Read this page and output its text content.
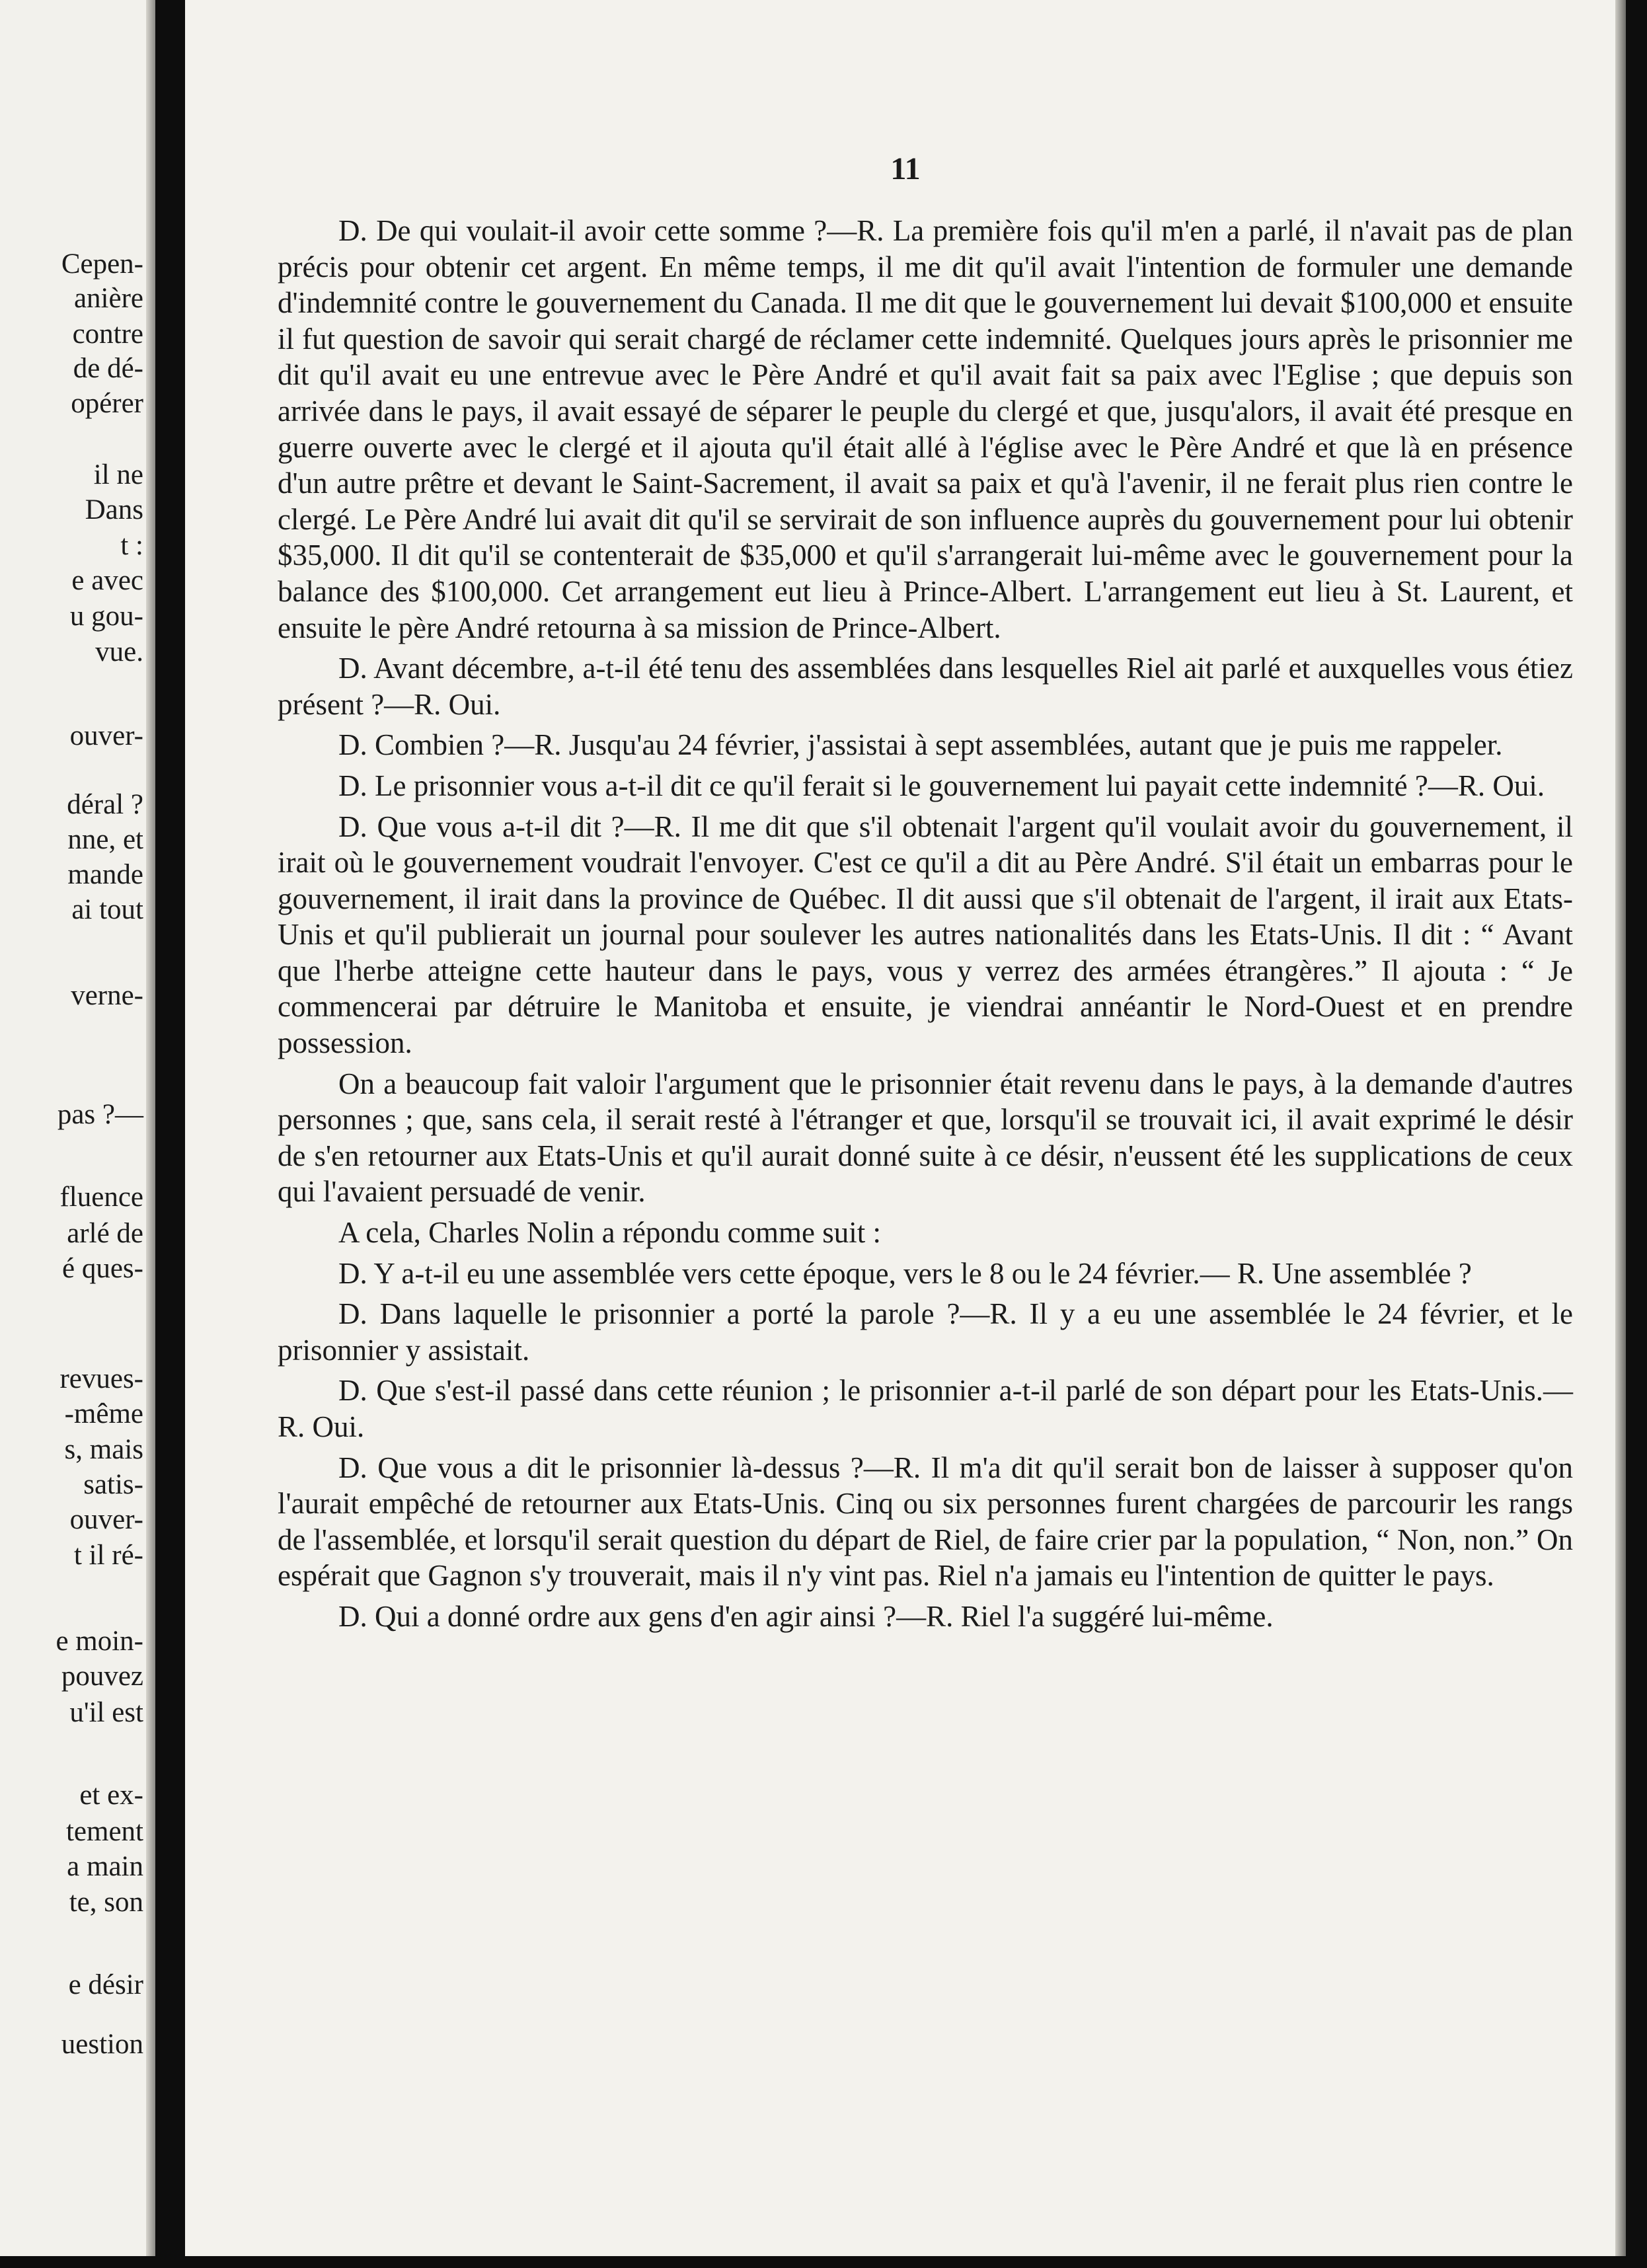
Cepen-
anière
contre
de dé-
opérer
il ne
Dans
t :
e avec
u gou-
vue.
ouver-
déral ?
nne, et
mande
ai tout
verne-
pas ?—
fluence
arlé de
é ques-
revues-
-même
s, mais
satis-
ouver-
t il ré-
e moin-
pouvez
u'il est
et ex-
tement
a main
te, son
e désir
uestion
11

D. De qui voulait-il avoir cette somme ?—R. La première fois qu'il m'en a parlé, il n'avait pas de plan précis pour obtenir cet argent. En même temps, il me dit qu'il avait l'intention de formuler une demande d'indemnité contre le gouvernement du Canada. Il me dit que le gouvernement lui devait $100,000 et ensuite il fut question de savoir qui serait chargé de réclamer cette indemnité. Quelques jours après le prisonnier me dit qu'il avait eu une entrevue avec le Père André et qu'il avait fait sa paix avec l'Eglise ; que depuis son arrivée dans le pays, il avait essayé de séparer le peuple du clergé et que, jusqu'alors, il avait été presque en guerre ouverte avec le clergé et il ajouta qu'il était allé à l'église avec le Père André et que là en présence d'un autre prêtre et devant le Saint-Sacrement, il avait sa paix et qu'à l'avenir, il ne ferait plus rien contre le clergé. Le Père André lui avait dit qu'il se servirait de son influence auprès du gouvernement pour lui obtenir $35,000. Il dit qu'il se contenterait de $35,000 et qu'il s'arrangerait lui-même avec le gouvernement pour la balance des $100,000. Cet arrangement eut lieu à Prince-Albert. L'arrangement eut lieu à St. Laurent, et ensuite le père André retourna à sa mission de Prince-Albert.

D. Avant décembre, a-t-il été tenu des assemblées dans lesquelles Riel ait parlé et auxquelles vous étiez présent ?—R. Oui.

D. Combien ?—R. Jusqu'au 24 février, j'assistai à sept assemblées, autant que je puis me rappeler.

D. Le prisonnier vous a-t-il dit ce qu'il ferait si le gouvernement lui payait cette indemnité ?—R. Oui.

D. Que vous a-t-il dit ?—R. Il me dit que s'il obtenait l'argent qu'il voulait avoir du gouvernement, il irait où le gouvernement voudrait l'envoyer. C'est ce qu'il a dit au Père André. S'il était un embarras pour le gouvernement, il irait dans la province de Québec. Il dit aussi que s'il obtenait de l'argent, il irait aux Etats-Unis et qu'il publierait un journal pour soulever les autres nationalités dans les Etats-Unis. Il dit : “ Avant que l'herbe atteigne cette hauteur dans le pays, vous y verrez des armées étrangères.” Il ajouta : “ Je commencerai par détruire le Manitoba et ensuite, je viendrai annéantir le Nord-Ouest et en prendre possession.

On a beaucoup fait valoir l'argument que le prisonnier était revenu dans le pays, à la demande d'autres personnes ; que, sans cela, il serait resté à l'étranger et que, lorsqu'il se trouvait ici, il avait exprimé le désir de s'en retourner aux Etats-Unis et qu'il aurait donné suite à ce désir, n'eussent été les supplications de ceux qui l'avaient persuadé de venir.

A cela, Charles Nolin a répondu comme suit :

D. Y a-t-il eu une assemblée vers cette époque, vers le 8 ou le 24 février.— R. Une assemblée ?

D. Dans laquelle le prisonnier a porté la parole ?—R. Il y a eu une assemblée le 24 février, et le prisonnier y assistait.

D. Que s'est-il passé dans cette réunion ; le prisonnier a-t-il parlé de son départ pour les Etats-Unis.—R. Oui.

D. Que vous a dit le prisonnier là-dessus ?—R. Il m'a dit qu'il serait bon de laisser à supposer qu'on l'aurait empêché de retourner aux Etats-Unis. Cinq ou six personnes furent chargées de parcourir les rangs de l'assemblée, et lorsqu'il serait question du départ de Riel, de faire crier par la population, “ Non, non.” On espérait que Gagnon s'y trouverait, mais il n'y vint pas. Riel n'a jamais eu l'intention de quitter le pays.

D. Qui a donné ordre aux gens d'en agir ainsi ?—R. Riel l'a suggéré lui-même.
